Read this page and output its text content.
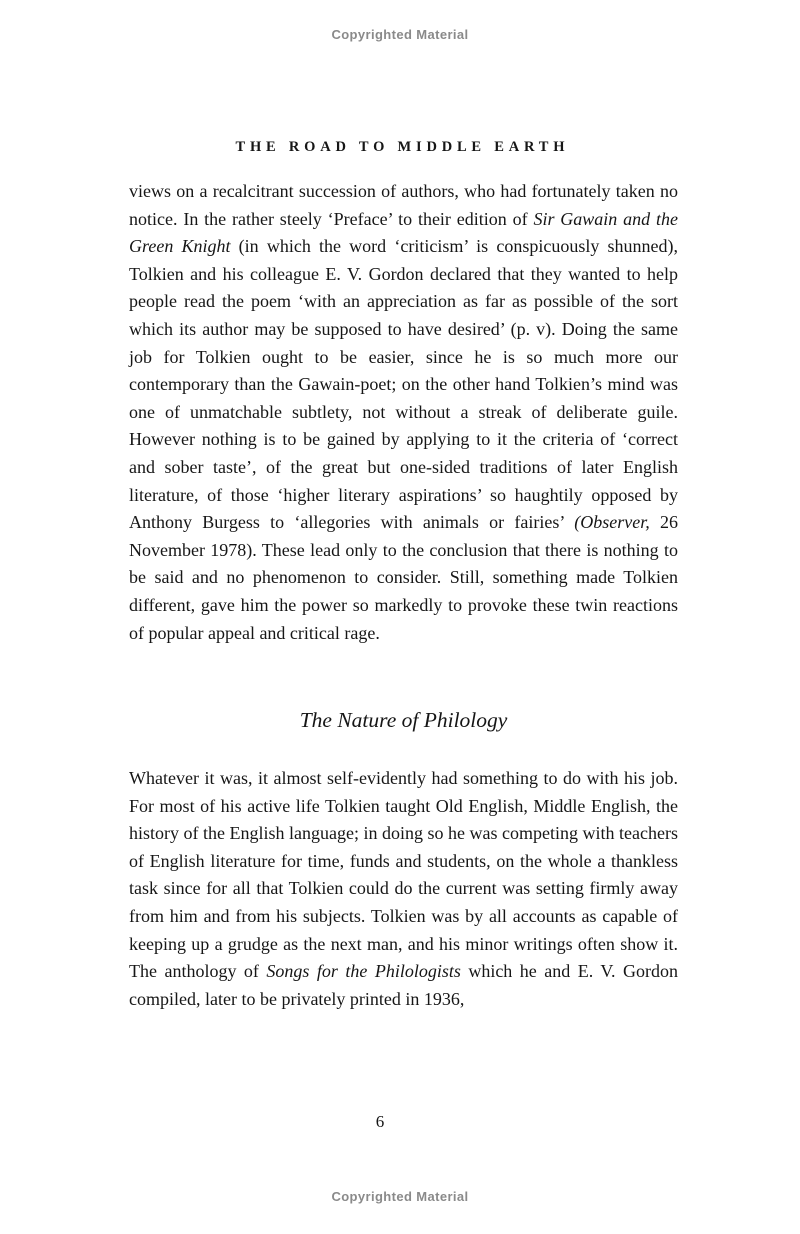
Copyrighted Material
THE ROAD TO MIDDLE EARTH

views on a recalcitrant succession of authors, who had fortunately taken no notice. In the rather steely ‘Preface’ to their edition of Sir Gawain and the Green Knight (in which the word ‘criticism’ is conspicuously shunned), Tolkien and his colleague E. V. Gordon declared that they wanted to help people read the poem ‘with an appreciation as far as possible of the sort which its author may be supposed to have desired’ (p. v). Doing the same job for Tolkien ought to be easier, since he is so much more our contemporary than the Gawain-poet; on the other hand Tolkien’s mind was one of unmatchable subtlety, not without a streak of deliberate guile. However nothing is to be gained by applying to it the criteria of ‘correct and sober taste’, of the great but one-sided traditions of later English literature, of those ‘higher literary aspirations’ so haughtily opposed by Anthony Burgess to ‘allegories with animals or fairies’ (Observer, 26 November 1978). These lead only to the conclusion that there is nothing to be said and no phenomenon to consider. Still, something made Tolkien different, gave him the power so markedly to provoke these twin reactions of popular appeal and critical rage.

The Nature of Philology

Whatever it was, it almost self-evidently had something to do with his job. For most of his active life Tolkien taught Old English, Middle English, the history of the English language; in doing so he was competing with teachers of English literature for time, funds and students, on the whole a thankless task since for all that Tolkien could do the current was setting firmly away from him and from his subjects. Tolkien was by all accounts as capable of keeping up a grudge as the next man, and his minor writings often show it. The anthology of Songs for the Philologists which he and E. V. Gordon compiled, later to be privately printed in 1936,

6
Copyrighted Material
